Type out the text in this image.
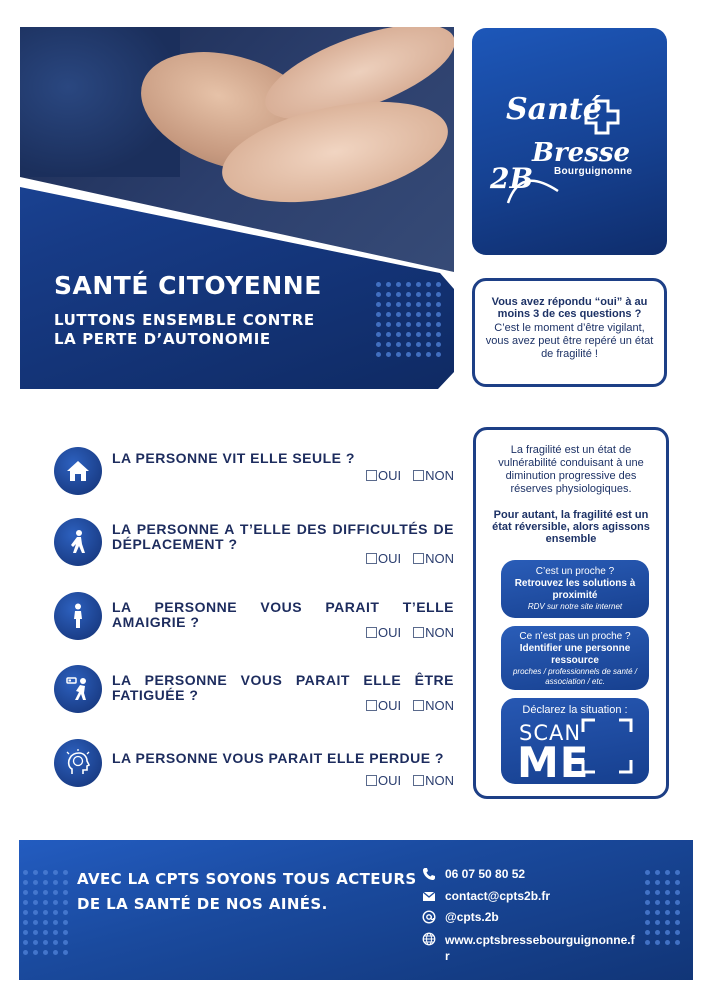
SANTÉ CITOYENNE
LUTTONS ENSEMBLE CONTRE
LA PERTE D’AUTONOMIE
Santé
Bresse
2B Bourguignonne
Vous avez répondu “oui” à au moins 3 de ces questions ?
C’est le moment d’être vigilant, vous avez peut être repéré un état de fragilité !
LA PERSONNE VIT ELLE SEULE ?
OUI NON
LA PERSONNE A T’ELLE DES DIFFICULTÉS DE DÉPLACEMENT ?
OUI NON
LA PERSONNE VOUS PARAIT T’ELLE AMAIGRIE ?
OUI NON
LA PERSONNE VOUS PARAIT ELLE ÊTRE FATIGUÉE ?
OUI NON
LA PERSONNE VOUS PARAIT ELLE PERDUE ?
OUI NON
La fragilité est un état de vulnérabilité conduisant à une diminution progressive des réserves physiologiques.
Pour autant, la fragilité est un état réversible, alors agissons ensemble
C’est un proche ?
Retrouvez les solutions à proximité
RDV sur notre site internet
Ce n’est pas un proche ?
Identifier une personne ressource
proches / professionnels de santé / association / etc.
Déclarez la situation :
SCAN
ME
AVEC LA CPTS SOYONS TOUS ACTEURS
DE LA SANTÉ DE NOS AINÉS.
06 07 50 80 52
contact@cpts2b.fr
@cpts.2b
www.cptsbressebourguignonne.fr
